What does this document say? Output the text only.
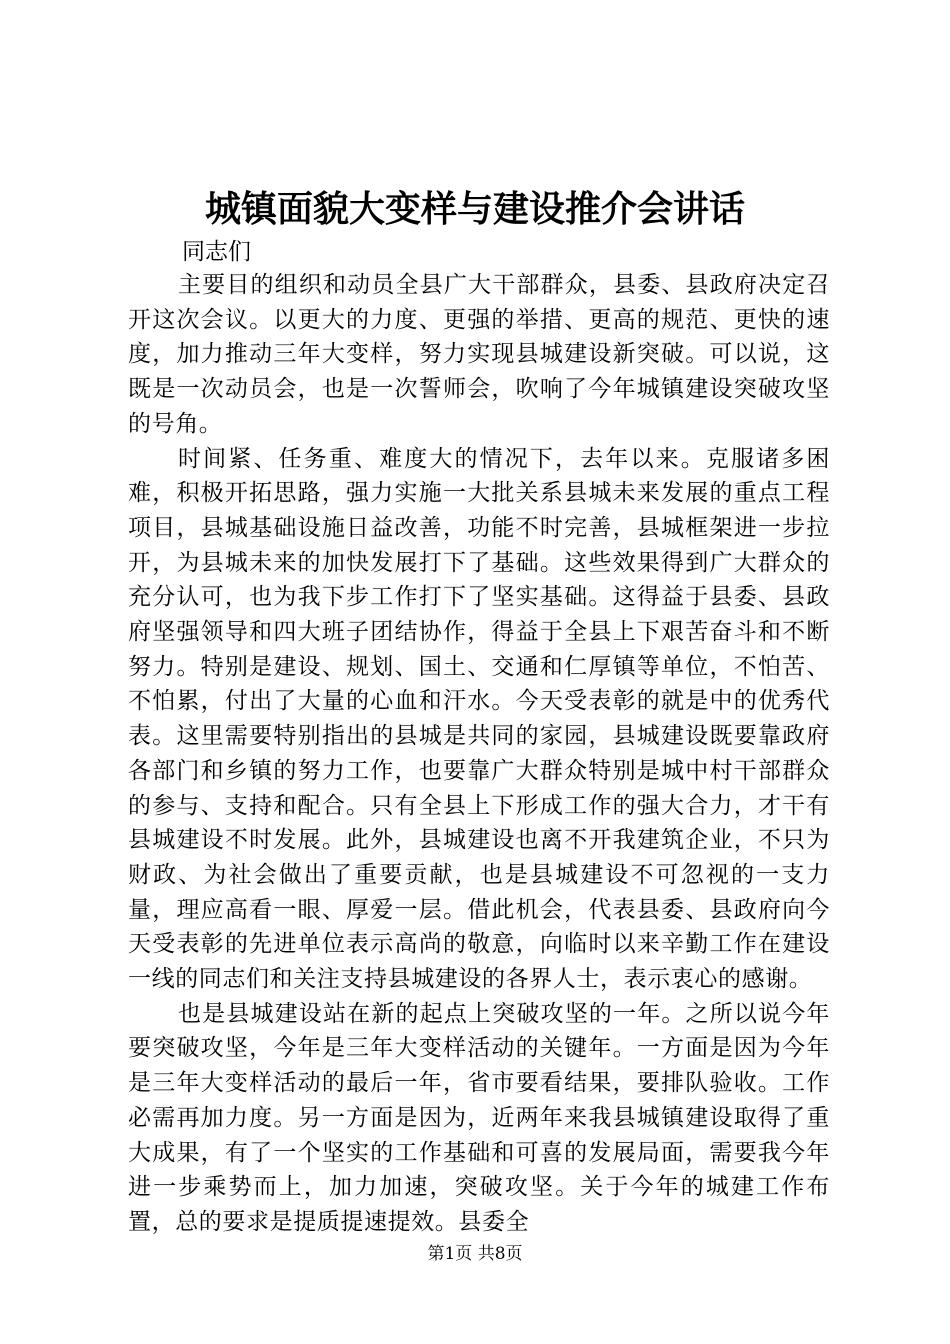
城镇面貌大变样与建设推介会讲话
同志们

主要目的组织和动员全县广大干部群众，县委、县政府决定召开这次会议。以更大的力度、更强的举措、更高的规范、更快的速度，加力推动三年大变样，努力实现县城建设新突破。可以说，这既是一次动员会，也是一次誓师会，吹响了今年城镇建设突破攻坚的号角。

时间紧、任务重、难度大的情况下，去年以来。克服诸多困难，积极开拓思路，强力实施一大批关系县城未来发展的重点工程项目，县城基础设施日益改善，功能不时完善，县城框架进一步拉开，为县城未来的加快发展打下了基础。这些效果得到广大群众的充分认可，也为我下步工作打下了坚实基础。这得益于县委、县政府坚强领导和四大班子团结协作，得益于全县上下艰苦奋斗和不断努力。特别是建设、规划、国土、交通和仁厚镇等单位，不怕苦、不怕累，付出了大量的心血和汗水。今天受表彰的就是中的优秀代表。这里需要特别指出的县城是共同的家园，县城建设既要靠政府各部门和乡镇的努力工作，也要靠广大群众特别是城中村干部群众的参与、支持和配合。只有全县上下形成工作的强大合力，才干有县城建设不时发展。此外，县城建设也离不开我建筑企业，不只为财政、为社会做出了重要贡献，也是县城建设不可忽视的一支力量，理应高看一眼、厚爱一层。借此机会，代表县委、县政府向今天受表彰的先进单位表示高尚的敬意，向临时以来辛勤工作在建设一线的同志们和关注支持县城建设的各界人士，表示衷心的感谢。

也是县城建设站在新的起点上突破攻坚的一年。之所以说今年要突破攻坚，今年是三年大变样活动的关键年。一方面是因为今年是三年大变样活动的最后一年，省市要看结果，要排队验收。工作必需再加力度。另一方面是因为，近两年来我县城镇建设取得了重大成果，有了一个坚实的工作基础和可喜的发展局面，需要我今年进一步乘势而上，加力加速，突破攻坚。关于今年的城建工作布置，总的要求是提质提速提效。县委全

第1页 共8页
